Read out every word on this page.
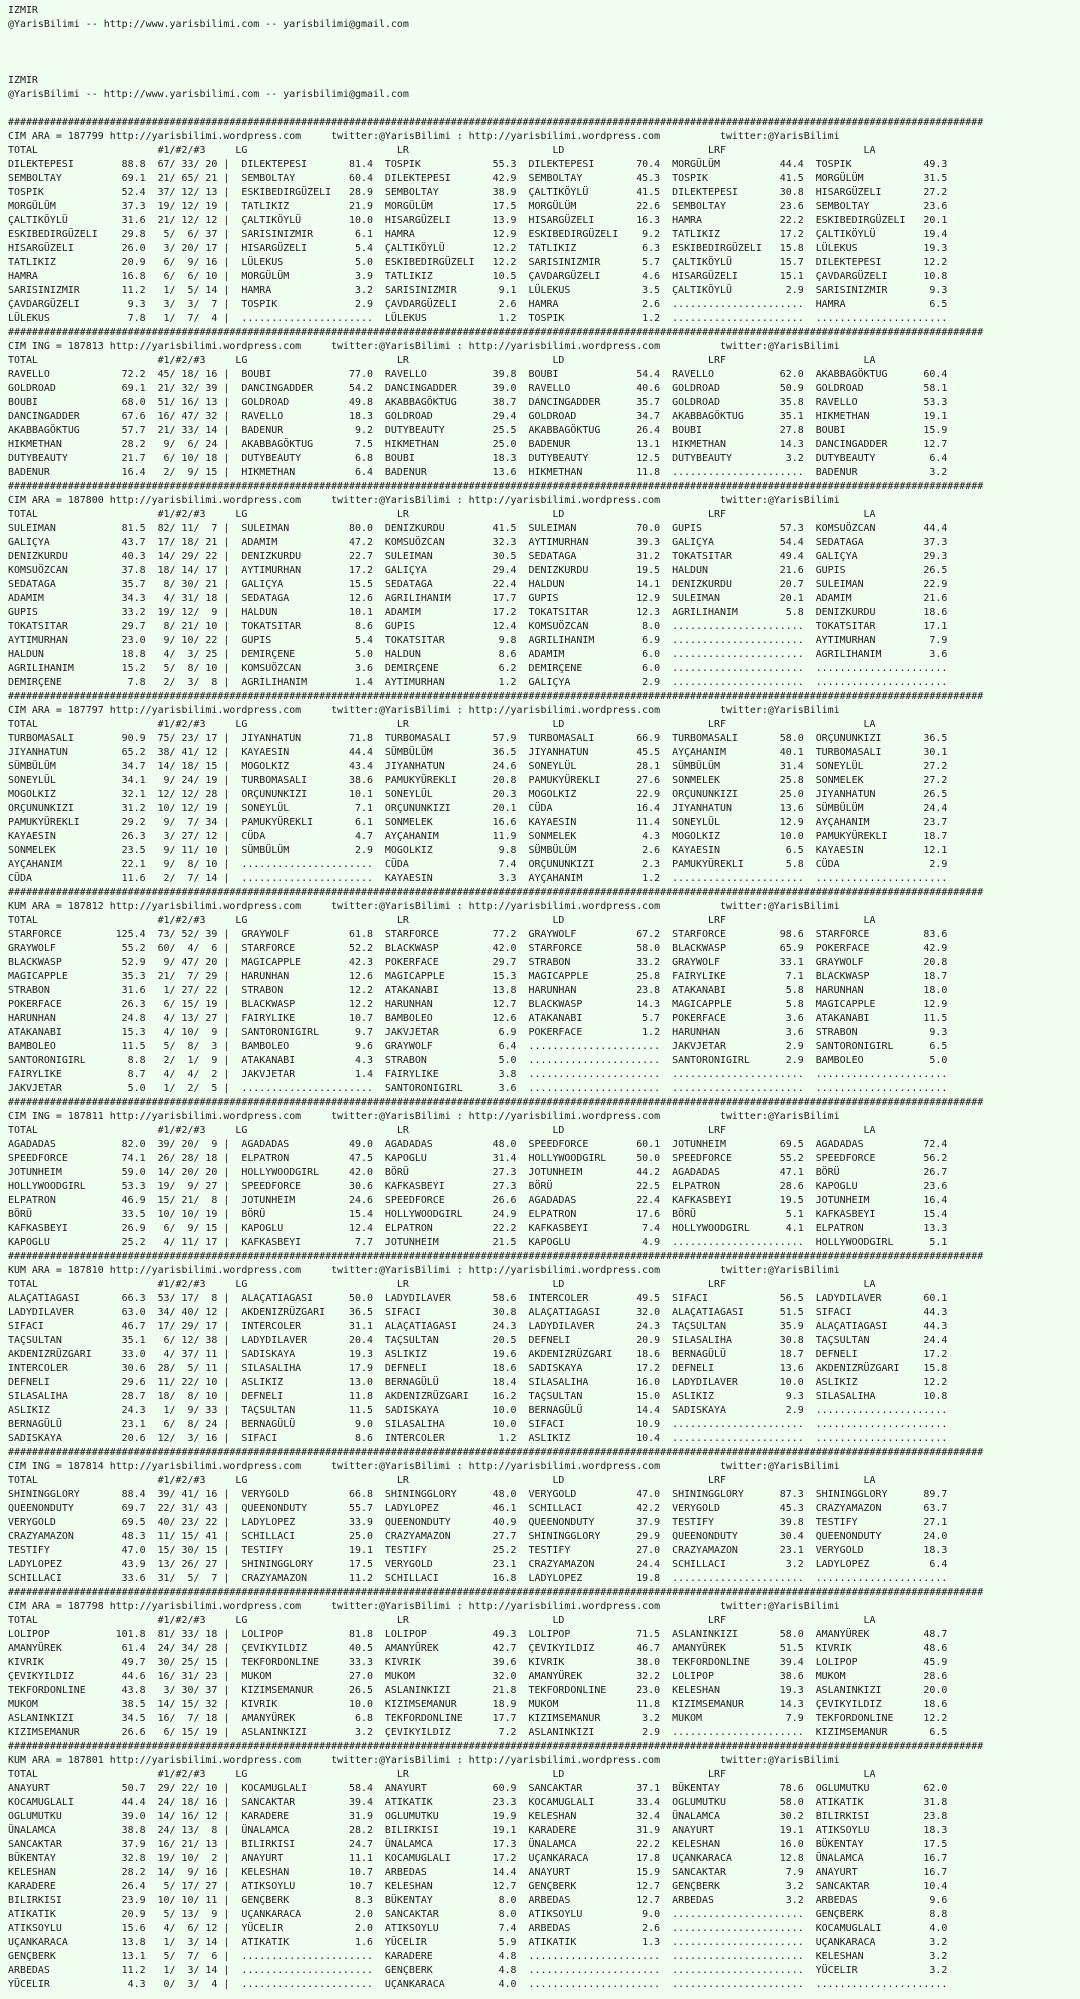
IZMIR
@YarisBilimi -- http://www.yarisbilimi.com -- yarisbilimi@gmail.com
IZMIR
@YarisBilimi -- http://www.yarisbilimi.com -- yarisbilimi@gmail.com
###################################################################################################################################################################
CIM ARA = 187799 http://yarisbilimi.wordpress.com     twitter:@YarisBilimi : http://yarisbilimi.wordpress.com          twitter:@YarisBilimi
TOTAL                    #1/#2/#3     LG                         LR                        LD                        LRF                       LA
DILEKTEPESI        88.8  67/ 33/ 20 |  DILEKTEPESI       81.4  TOSPIK            55.3  DILEKTEPESI       70.4  MORGÜLÜM          44.4  TOSPIK            49.3
SEMBOLTAY          69.1  21/ 65/ 21 |  SEMBOLTAY         60.4  DILEKTEPESI       42.9  SEMBOLTAY         45.3  TOSPIK            41.5  MORGÜLÜM          31.5
TOSPIK             52.4  37/ 12/ 13 |  ESKIBEDIRGÜZELI   28.9  SEMBOLTAY         38.9  ÇALTIKÖYLÜ        41.5  DILEKTEPESI       30.8  HISARGÜZELI       27.2
MORGÜLÜM           37.3  19/ 12/ 19 |  TATLIKIZ          21.9  MORGÜLÜM          17.5  MORGÜLÜM          22.6  SEMBOLTAY         23.6  SEMBOLTAY         23.6
ÇALTIKÖYLÜ         31.6  21/ 12/ 12 |  ÇALTIKÖYLÜ        10.0  HISARGÜZELI       13.9  HISARGÜZELI       16.3  HAMRA             22.2  ESKIBEDIRGÜZELI   20.1
ESKIBEDIRGÜZELI    29.8   5/  6/ 37 |  SARISINIZMIR       6.1  HAMRA             12.9  ESKIBEDIRGÜZELI    9.2  TATLIKIZ          17.2  ÇALTIKÖYLÜ        19.4
HISARGÜZELI        26.0   3/ 20/ 17 |  HISARGÜZELI        5.4  ÇALTIKÖYLÜ        12.2  TATLIKIZ           6.3  ESKIBEDIRGÜZELI   15.8  LÜLEKUS           19.3
TATLIKIZ           20.9   6/  9/ 16 |  LÜLEKUS            5.0  ESKIBEDIRGÜZELI   12.2  SARISINIZMIR       5.7  ÇALTIKÖYLÜ        15.7  DILEKTEPESI       12.2
HAMRA              16.8   6/  6/ 10 |  MORGÜLÜM           3.9  TATLIKIZ          10.5  ÇAVDARGÜZELI       4.6  HISARGÜZELI       15.1  ÇAVDARGÜZELI      10.8
SARISINIZMIR       11.2   1/  5/ 14 |  HAMRA              3.2  SARISINIZMIR       9.1  LÜLEKUS            3.5  ÇALTIKÖYLÜ         2.9  SARISINIZMIR       9.3
ÇAVDARGÜZELI        9.3   3/  3/  7 |  TOSPIK             2.9  ÇAVDARGÜZELI       2.6  HAMRA              2.6  ......................  HAMRA              6.5
LÜLEKUS             7.8   1/  7/  4 |  ......................  LÜLEKUS            1.2  TOSPIK             1.2  ......................  ......................
###################################################################################################################################################################
CIM ING = 187813 http://yarisbilimi.wordpress.com     twitter:@YarisBilimi : http://yarisbilimi.wordpress.com          twitter:@YarisBilimi
TOTAL                    #1/#2/#3     LG                         LR                        LD                        LRF                       LA
RAVELLO            72.2  45/ 18/ 16 |  BOUBI             77.0  RAVELLO           39.8  BOUBI             54.4  RAVELLO           62.0  AKABBAGÖKTUG      60.4
GOLDROAD           69.1  21/ 32/ 39 |  DANCINGADDER      54.2  DANCINGADDER      39.0  RAVELLO           40.6  GOLDROAD          50.9  GOLDROAD          58.1
BOUBI              68.0  51/ 16/ 13 |  GOLDROAD          49.8  AKABBAGÖKTUG      38.7  DANCINGADDER      35.7  GOLDROAD          35.8  RAVELLO           53.3
DANCINGADDER       67.6  16/ 47/ 32 |  RAVELLO           18.3  GOLDROAD          29.4  GOLDROAD          34.7  AKABBAGÖKTUG      35.1  HIKMETHAN         19.1
AKABBAGÖKTUG       57.7  21/ 33/ 14 |  BADENUR            9.2  DUTYBEAUTY        25.5  AKABBAGÖKTUG      26.4  BOUBI             27.8  BOUBI             15.9
HIKMETHAN          28.2   9/  6/ 24 |  AKABBAGÖKTUG       7.5  HIKMETHAN         25.0  BADENUR           13.1  HIKMETHAN         14.3  DANCINGADDER      12.7
DUTYBEAUTY         21.7   6/ 10/ 18 |  DUTYBEAUTY         6.8  BOUBI             18.3  DUTYBEAUTY        12.5  DUTYBEAUTY         3.2  DUTYBEAUTY         6.4
BADENUR            16.4   2/  9/ 15 |  HIKMETHAN          6.4  BADENUR           13.6  HIKMETHAN         11.8  ......................  BADENUR            3.2
###################################################################################################################################################################
CIM ARA = 187800 http://yarisbilimi.wordpress.com     twitter:@YarisBilimi : http://yarisbilimi.wordpress.com          twitter:@YarisBilimi
TOTAL                    #1/#2/#3     LG                         LR                        LD                        LRF                       LA
SULEIMAN           81.5  82/ 11/  7 |  SULEIMAN          80.0  DENIZKURDU        41.5  SULEIMAN          70.0  GUPIS             57.3  KOMSUÖZCAN        44.4
GALIÇYA            43.7  17/ 18/ 21 |  ADAMIM            47.2  KOMSUÖZCAN        32.3  AYTIMURHAN        39.3  GALIÇYA           54.4  SEDATAGA          37.3
DENIZKURDU         40.3  14/ 29/ 22 |  DENIZKURDU        22.7  SULEIMAN          30.5  SEDATAGA          31.2  TOKATSITAR        49.4  GALIÇYA           29.3
KOMSUÖZCAN         37.8  18/ 14/ 17 |  AYTIMURHAN        17.2  GALIÇYA           29.4  DENIZKURDU        19.5  HALDUN            21.6  GUPIS             26.5
SEDATAGA           35.7   8/ 30/ 21 |  GALIÇYA           15.5  SEDATAGA          22.4  HALDUN            14.1  DENIZKURDU        20.7  SULEIMAN          22.9
ADAMIM             34.3   4/ 31/ 18 |  SEDATAGA          12.6  AGRILIHANIM       17.7  GUPIS             12.9  SULEIMAN          20.1  ADAMIM            21.6
GUPIS              33.2  19/ 12/  9 |  HALDUN            10.1  ADAMIM            17.2  TOKATSITAR        12.3  AGRILIHANIM        5.8  DENIZKURDU        18.6
TOKATSITAR         29.7   8/ 21/ 10 |  TOKATSITAR         8.6  GUPIS             12.4  KOMSUÖZCAN         8.0  ......................  TOKATSITAR        17.1
AYTIMURHAN         23.0   9/ 10/ 22 |  GUPIS              5.4  TOKATSITAR         9.8  AGRILIHANIM        6.9  ......................  AYTIMURHAN         7.9
HALDUN             18.8   4/  3/ 25 |  DEMIRÇENE          5.0  HALDUN             8.6  ADAMIM             6.0  ......................  AGRILIHANIM        3.6
AGRILIHANIM        15.2   5/  8/ 10 |  KOMSUÖZCAN         3.6  DEMIRÇENE          6.2  DEMIRÇENE          6.0  ......................  ......................
DEMIRÇENE           7.8   2/  3/  8 |  AGRILIHANIM        1.4  AYTIMURHAN         1.2  GALIÇYA            2.9  ......................  ......................
###################################################################################################################################################################
CIM ARA = 187797 http://yarisbilimi.wordpress.com     twitter:@YarisBilimi : http://yarisbilimi.wordpress.com          twitter:@YarisBilimi
TOTAL                    #1/#2/#3     LG                         LR                        LD                        LRF                       LA
TURBOMASALI        90.9  75/ 23/ 17 |  JIYANHATUN        71.8  TURBOMASALI       57.9  TURBOMASALI       66.9  TURBOMASALI       58.0  ORÇUNUNKIZI       36.5
JIYANHATUN         65.2  38/ 41/ 12 |  KAYAESIN          44.4  SÜMBÜLÜM          36.5  JIYANHATUN        45.5  AYÇAHANIM         40.1  TURBOMASALI       30.1
SÜMBÜLÜM           34.7  14/ 18/ 15 |  MOGOLKIZ          43.4  JIYANHATUN        24.6  SONEYLÜL          28.1  SÜMBÜLÜM          31.4  SONEYLÜL          27.2
SONEYLÜL           34.1   9/ 24/ 19 |  TURBOMASALI       38.6  PAMUKYÜREKLI      20.8  PAMUKYÜREKLI      27.6  SONMELEK          25.8  SONMELEK          27.2
MOGOLKIZ           32.1  12/ 12/ 28 |  ORÇUNUNKIZI       10.1  SONEYLÜL          20.3  MOGOLKIZ          22.9  ORÇUNUNKIZI       25.0  JIYANHATUN        26.5
ORÇUNUNKIZI        31.2  10/ 12/ 19 |  SONEYLÜL           7.1  ORÇUNUNKIZI       20.1  CÜDA              16.4  JIYANHATUN        13.6  SÜMBÜLÜM          24.4
PAMUKYÜREKLI       29.2   9/  7/ 34 |  PAMUKYÜREKLI       6.1  SONMELEK          16.6  KAYAESIN          11.4  SONEYLÜL          12.9  AYÇAHANIM         23.7
KAYAESIN           26.3   3/ 27/ 12 |  CÜDA               4.7  AYÇAHANIM         11.9  SONMELEK           4.3  MOGOLKIZ          10.0  PAMUKYÜREKLI      18.7
SONMELEK           23.5   9/ 11/ 10 |  SÜMBÜLÜM           2.9  MOGOLKIZ           9.8  SÜMBÜLÜM           2.6  KAYAESIN           6.5  KAYAESIN          12.1
AYÇAHANIM          22.1   9/  8/ 10 |  ......................  CÜDA               7.4  ORÇUNUNKIZI        2.3  PAMUKYÜREKLI       5.8  CÜDA               2.9
CÜDA               11.6   2/  7/ 14 |  ......................  KAYAESIN           3.3  AYÇAHANIM          1.2  ......................  ......................
###################################################################################################################################################################
KUM ARA = 187812 http://yarisbilimi.wordpress.com     twitter:@YarisBilimi : http://yarisbilimi.wordpress.com          twitter:@YarisBilimi
TOTAL                    #1/#2/#3     LG                         LR                        LD                        LRF                       LA
STARFORCE         125.4  73/ 52/ 39 |  GRAYWOLF          61.8  STARFORCE         77.2  GRAYWOLF          67.2  STARFORCE         98.6  STARFORCE         83.6
GRAYWOLF           55.2  60/  4/  6 |  STARFORCE         52.2  BLACKWASP         42.0  STARFORCE         58.0  BLACKWASP         65.9  POKERFACE         42.9
BLACKWASP          52.9   9/ 47/ 20 |  MAGICAPPLE        42.3  POKERFACE         29.7  STRABON           33.2  GRAYWOLF          33.1  GRAYWOLF          20.8
MAGICAPPLE         35.3  21/  7/ 29 |  HARUNHAN          12.6  MAGICAPPLE        15.3  MAGICAPPLE        25.8  FAIRYLIKE          7.1  BLACKWASP         18.7
STRABON            31.6   1/ 27/ 22 |  STRABON           12.2  ATAKANABI         13.8  HARUNHAN          23.8  ATAKANABI          5.8  HARUNHAN          18.0
POKERFACE          26.3   6/ 15/ 19 |  BLACKWASP         12.2  HARUNHAN          12.7  BLACKWASP         14.3  MAGICAPPLE         5.8  MAGICAPPLE        12.9
HARUNHAN           24.8   4/ 13/ 27 |  FAIRYLIKE         10.7  BAMBOLEO          12.6  ATAKANABI          5.7  POKERFACE          3.6  ATAKANABI         11.5
ATAKANABI          15.3   4/ 10/  9 |  SANTORONIGIRL      9.7  JAKVJETAR          6.9  POKERFACE          1.2  HARUNHAN           3.6  STRABON            9.3
BAMBOLEO           11.5   5/  8/  3 |  BAMBOLEO           9.6  GRAYWOLF           6.4  ......................  JAKVJETAR          2.9  SANTORONIGIRL      6.5
SANTORONIGIRL       8.8   2/  1/  9 |  ATAKANABI          4.3  STRABON            5.0  ......................  SANTORONIGIRL      2.9  BAMBOLEO           5.0
FAIRYLIKE           8.7   4/  4/  2 |  JAKVJETAR          1.4  FAIRYLIKE          3.8  ......................  ......................  ......................
JAKVJETAR           5.0   1/  2/  5 |  ......................  SANTORONIGIRL      3.6  ......................  ......................  ......................
###################################################################################################################################################################
CIM ING = 187811 http://yarisbilimi.wordpress.com     twitter:@YarisBilimi : http://yarisbilimi.wordpress.com          twitter:@YarisBilimi
TOTAL                    #1/#2/#3     LG                         LR                        LD                        LRF                       LA
AGADADAS           82.0  39/ 20/  9 |  AGADADAS          49.0  AGADADAS          48.0  SPEEDFORCE        60.1  JOTUNHEIM         69.5  AGADADAS          72.4
SPEEDFORCE         74.1  26/ 28/ 18 |  ELPATRON          47.5  KAPOGLU           31.4  HOLLYWOODGIRL     50.0  SPEEDFORCE        55.2  SPEEDFORCE        56.2
JOTUNHEIM          59.0  14/ 20/ 20 |  HOLLYWOODGIRL     42.0  BÖRÜ              27.3  JOTUNHEIM         44.2  AGADADAS          47.1  BÖRÜ              26.7
HOLLYWOODGIRL      53.3  19/  9/ 27 |  SPEEDFORCE        30.6  KAFKASBEYI        27.3  BÖRÜ              22.5  ELPATRON          28.6  KAPOGLU           23.6
ELPATRON           46.9  15/ 21/  8 |  JOTUNHEIM         24.6  SPEEDFORCE        26.6  AGADADAS          22.4  KAFKASBEYI        19.5  JOTUNHEIM         16.4
BÖRÜ               33.5  10/ 10/ 19 |  BÖRÜ              15.4  HOLLYWOODGIRL     24.9  ELPATRON          17.6  BÖRÜ               5.1  KAFKASBEYI        15.4
KAFKASBEYI         26.9   6/  9/ 15 |  KAPOGLU           12.4  ELPATRON          22.2  KAFKASBEYI         7.4  HOLLYWOODGIRL      4.1  ELPATRON          13.3
KAPOGLU            25.2   4/ 11/ 17 |  KAFKASBEYI         7.7  JOTUNHEIM         21.5  KAPOGLU            4.9  ......................  HOLLYWOODGIRL      5.1
###################################################################################################################################################################
KUM ARA = 187810 http://yarisbilimi.wordpress.com     twitter:@YarisBilimi : http://yarisbilimi.wordpress.com          twitter:@YarisBilimi
TOTAL                    #1/#2/#3     LG                         LR                        LD                        LRF                       LA
ALAÇATIAGASI       66.3  53/ 17/  8 |  ALAÇATIAGASI      50.0  LADYDILAVER       58.6  INTERCOLER        49.5  SIFACI            56.5  LADYDILAVER       60.1
LADYDILAVER        63.0  34/ 40/ 12 |  AKDENIZRÜZGARI    36.5  SIFACI            30.8  ALAÇATIAGASI      32.0  ALAÇATIAGASI      51.5  SIFACI            44.3
SIFACI             46.7  17/ 29/ 17 |  INTERCOLER        31.1  ALAÇATIAGASI      24.3  LADYDILAVER       24.3  TAÇSULTAN         35.9  ALAÇATIAGASI      44.3
TAÇSULTAN          35.1   6/ 12/ 38 |  LADYDILAVER       20.4  TAÇSULTAN         20.5  DEFNELI           20.9  SILASALIHA        30.8  TAÇSULTAN         24.4
AKDENIZRÜZGARI     33.0   4/ 37/ 11 |  SADISKAYA         19.3  ASLIKIZ           19.6  AKDENIZRÜZGARI    18.6  BERNAGÜLÜ         18.7  DEFNELI           17.2
INTERCOLER         30.6  28/  5/ 11 |  SILASALIHA        17.9  DEFNELI           18.6  SADISKAYA         17.2  DEFNELI           13.6  AKDENIZRÜZGARI    15.8
DEFNELI            29.6  11/ 22/ 10 |  ASLIKIZ           13.0  BERNAGÜLÜ         18.4  SILASALIHA        16.0  LADYDILAVER       10.0  ASLIKIZ           12.2
SILASALIHA         28.7  18/  8/ 10 |  DEFNELI           11.8  AKDENIZRÜZGARI    16.2  TAÇSULTAN         15.0  ASLIKIZ            9.3  SILASALIHA        10.8
ASLIKIZ            24.3   1/  9/ 33 |  TAÇSULTAN         11.5  SADISKAYA         10.0  BERNAGÜLÜ         14.4  SADISKAYA          2.9  ......................
BERNAGÜLÜ          23.1   6/  8/ 24 |  BERNAGÜLÜ          9.0  SILASALIHA        10.0  SIFACI            10.9  ......................  ......................
SADISKAYA          20.6  12/  3/ 16 |  SIFACI             8.6  INTERCOLER         1.2  ASLIKIZ           10.4  ......................  ......................
###################################################################################################################################################################
CIM ING = 187814 http://yarisbilimi.wordpress.com     twitter:@YarisBilimi : http://yarisbilimi.wordpress.com          twitter:@YarisBilimi
TOTAL                    #1/#2/#3     LG                         LR                        LD                        LRF                       LA
SHININGGLORY       88.4  39/ 41/ 16 |  VERYGOLD          66.8  SHININGGLORY      48.0  VERYGOLD          47.0  SHININGGLORY      87.3  SHININGGLORY      89.7
QUEENONDUTY        69.7  22/ 31/ 43 |  QUEENONDUTY       55.7  LADYLOPEZ         46.1  SCHILLACI         42.2  VERYGOLD          45.3  CRAZYAMAZON       63.7
VERYGOLD           69.5  40/ 23/ 22 |  LADYLOPEZ         33.9  QUEENONDUTY       40.9  QUEENONDUTY       37.9  TESTIFY           39.8  TESTIFY           27.1
CRAZYAMAZON        48.3  11/ 15/ 41 |  SCHILLACI         25.0  CRAZYAMAZON       27.7  SHININGGLORY      29.9  QUEENONDUTY       30.4  QUEENONDUTY       24.0
TESTIFY            47.0  15/ 30/ 15 |  TESTIFY           19.1  TESTIFY           25.2  TESTIFY           27.0  CRAZYAMAZON       23.1  VERYGOLD          18.3
LADYLOPEZ          43.9  13/ 26/ 27 |  SHININGGLORY      17.5  VERYGOLD          23.1  CRAZYAMAZON       24.4  SCHILLACI          3.2  LADYLOPEZ          6.4
SCHILLACI          33.6  31/  5/  7 |  CRAZYAMAZON       11.2  SCHILLACI         16.8  LADYLOPEZ         19.8  ......................  ......................
###################################################################################################################################################################
CIM ARA = 187798 http://yarisbilimi.wordpress.com     twitter:@YarisBilimi : http://yarisbilimi.wordpress.com          twitter:@YarisBilimi
TOTAL                    #1/#2/#3     LG                         LR                        LD                        LRF                       LA
LOLIPOP           101.8  81/ 33/ 18 |  LOLIPOP           81.8  LOLIPOP           49.3  LOLIPOP           71.5  ASLANINKIZI       58.0  AMANYÜREK         48.7
AMANYÜREK          61.4  24/ 34/ 28 |  ÇEVIKYILDIZ       40.5  AMANYÜREK         42.7  ÇEVIKYILDIZ       46.7  AMANYÜREK         51.5  KIVRIK            48.6
KIVRIK             49.7  30/ 25/ 15 |  TEKFORDONLINE     33.3  KIVRIK            39.6  KIVRIK            38.0  TEKFORDONLINE     39.4  LOLIPOP           45.9
ÇEVIKYILDIZ        44.6  16/ 31/ 23 |  MUKOM             27.0  MUKOM             32.0  AMANYÜREK         32.2  LOLIPOP           38.6  MUKOM             28.6
TEKFORDONLINE      43.8   3/ 30/ 37 |  KIZIMSEMANUR      26.5  ASLANINKIZI       21.8  TEKFORDONLINE     23.0  KELESHAN          19.3  ASLANINKIZI       20.0
MUKOM              38.5  14/ 15/ 32 |  KIVRIK            10.0  KIZIMSEMANUR      18.9  MUKOM             11.8  KIZIMSEMANUR      14.3  ÇEVIKYILDIZ       18.6
ASLANINKIZI        34.5  16/  7/ 18 |  AMANYÜREK          6.8  TEKFORDONLINE     17.7  KIZIMSEMANUR       3.2  MUKOM              7.9  TEKFORDONLINE     12.2
KIZIMSEMANUR       26.6   6/ 15/ 19 |  ASLANINKIZI        3.2  ÇEVIKYILDIZ        7.2  ASLANINKIZI        2.9  ......................  KIZIMSEMANUR       6.5
###################################################################################################################################################################
KUM ARA = 187801 http://yarisbilimi.wordpress.com     twitter:@YarisBilimi : http://yarisbilimi.wordpress.com          twitter:@YarisBilimi
TOTAL                    #1/#2/#3     LG                         LR                        LD                        LRF                       LA
ANAYURT            50.7  29/ 22/ 10 |  KOCAMUGLALI       58.4  ANAYURT           60.9  SANCAKTAR         37.1  BÜKENTAY          78.6  OGLUMUTKU         62.0
KOCAMUGLALI        44.4  24/ 18/ 16 |  SANCAKTAR         39.4  ATIKATIK          23.3  KOCAMUGLALI       33.4  OGLUMUTKU         58.0  ATIKATIK          31.8
OGLUMUTKU          39.0  14/ 16/ 12 |  KARADERE          31.9  OGLUMUTKU         19.9  KELESHAN          32.4  ÜNALAMCA          30.2  BILIRKISI         23.8
ÜNALAMCA           38.8  24/ 13/  8 |  ÜNALAMCA          28.2  BILIRKISI         19.1  KARADERE          31.9  ANAYURT           19.1  ATIKSOYLU         18.3
SANCAKTAR          37.9  16/ 21/ 13 |  BILIRKISI         24.7  ÜNALAMCA          17.3  ÜNALAMCA          22.2  KELESHAN          16.0  BÜKENTAY          17.5
BÜKENTAY           32.8  19/ 10/  2 |  ANAYURT           11.1  KOCAMUGLALI       17.2  UÇANKARACA        17.8  UÇANKARACA        12.8  ÜNALAMCA          16.7
KELESHAN           28.2  14/  9/ 16 |  KELESHAN          10.7  ARBEDAS           14.4  ANAYURT           15.9  SANCAKTAR          7.9  ANAYURT           16.7
KARADERE           26.4   5/ 17/ 27 |  ATIKSOYLU         10.7  KELESHAN          12.7  GENÇBERK          12.7  GENÇBERK           3.2  SANCAKTAR         10.4
BILIRKISI          23.9  10/ 10/ 11 |  GENÇBERK           8.3  BÜKENTAY           8.0  ARBEDAS           12.7  ARBEDAS            3.2  ARBEDAS            9.6
ATIKATIK           20.9   5/ 13/  9 |  UÇANKARACA         2.0  SANCAKTAR          8.0  ATIKSOYLU          9.0  ......................  GENÇBERK           8.8
ATIKSOYLU          15.6   4/  6/ 12 |  YÜCELIR            2.0  ATIKSOYLU          7.4  ARBEDAS            2.6  ......................  KOCAMUGLALI        4.0
UÇANKARACA         13.8   1/  3/ 14 |  ATIKATIK           1.6  YÜCELIR            5.9  ATIKATIK           1.3  ......................  UÇANKARACA         3.2
GENÇBERK           13.1   5/  7/  6 |  ......................  KARADERE           4.8  ......................  ......................  KELESHAN           3.2
ARBEDAS            11.2   1/  3/ 14 |  ......................  GENÇBERK           4.8  ......................  ......................  YÜCELIR            3.2
YÜCELIR             4.3   0/  3/  4 |  ......................  UÇANKARACA         4.0  ......................  ......................  ......................
